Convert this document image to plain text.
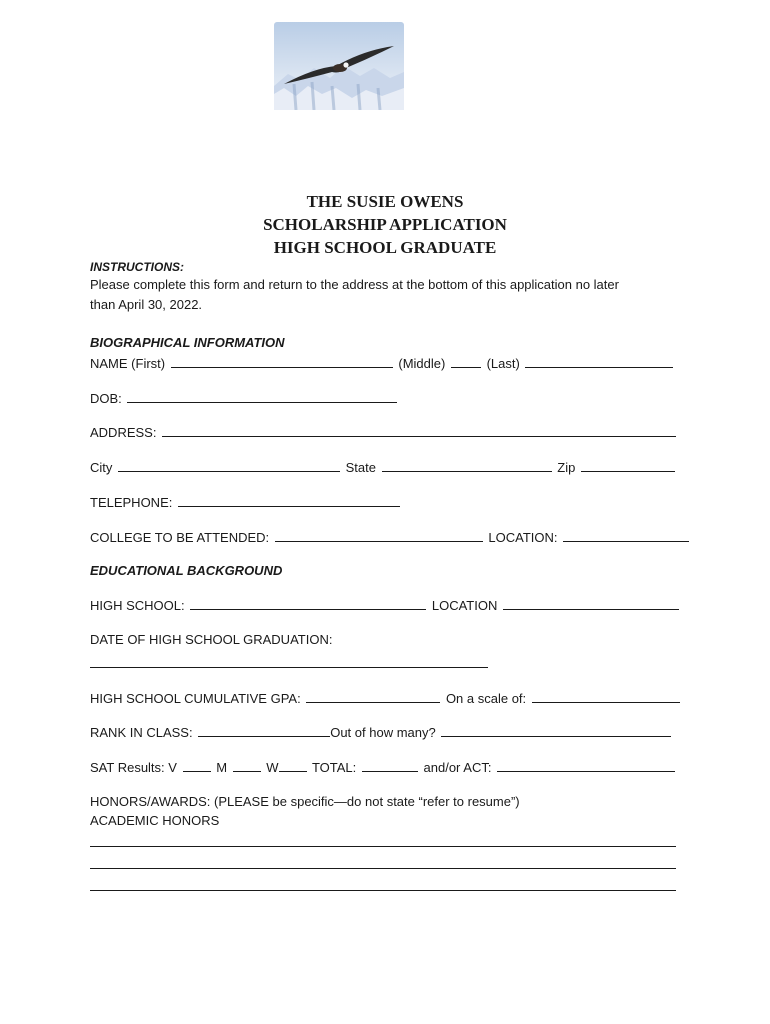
THE SUSIE OWENS
SCHOLARSHIP APPLICATION
HIGH SCHOOL GRADUATE
INSTRUCTIONS:
Please complete this form and return to the address at the bottom of this application no later
than April 30, 2022.
BIOGRAPHICAL INFORMATION
NAME (First)	(Middle)	(Last)
DOB:
ADDRESS:
City	State	Zip
TELEPHONE:
COLLEGE TO BE ATTENDED:	LOCATION:
EDUCATIONAL BACKGROUND
HIGH SCHOOL:	LOCATION
DATE OF HIGH SCHOOL GRADUATION:
HIGH SCHOOL CUMULATIVE GPA:	On a scale of:
RANK IN CLASS:	Out of how many?
SAT Results: V	M	W	TOTAL:	and/or ACT:
HONORS/AWARDS: (PLEASE be specific—do not state “refer to resume”)
ACADEMIC HONORS
